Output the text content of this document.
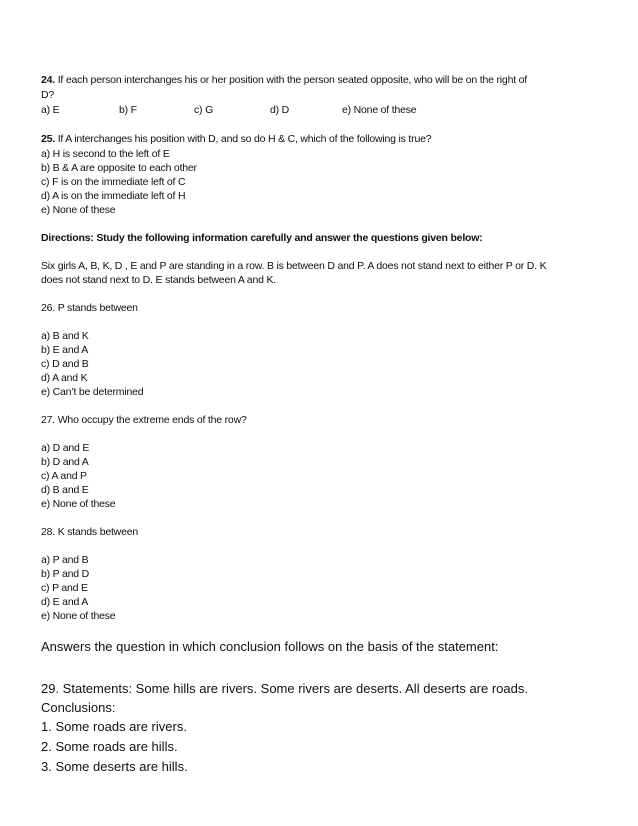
24. If each person interchanges his or her position with the person seated opposite, who will be on the right of
D?
a) E	b) F	c) G	d) D	e) None of these
25. If A interchanges his position with D, and so do H & C, which of the following is true?
a) H is second to the left of E
b) B & A are opposite to each other
c) F is on the immediate left of C
d) A is on the immediate left of H
e) None of these
Directions: Study the following information carefully and answer the questions given below:
Six girls A, B, K, D , E and P are standing in a row. B is between D and P. A does not stand next to either P or D. K
does not stand next to D. E stands between A and K.
26. P stands between
a) B and K
b) E and A
c) D and B
d) A and K
e) Can’t be determined
27. Who occupy the extreme ends of the row?
a) D and E
b) D and A
c) A and P
d) B and E
e) None of these
28. K stands between
a) P and B
b) P and D
c) P and E
d) E and A
e) None of these
Answers the question in which conclusion follows on the basis of the statement:
29. Statements: Some hills are rivers. Some rivers are deserts. All deserts are roads.
Conclusions:
1. Some roads are rivers.
2. Some roads are hills.
3. Some deserts are hills.
